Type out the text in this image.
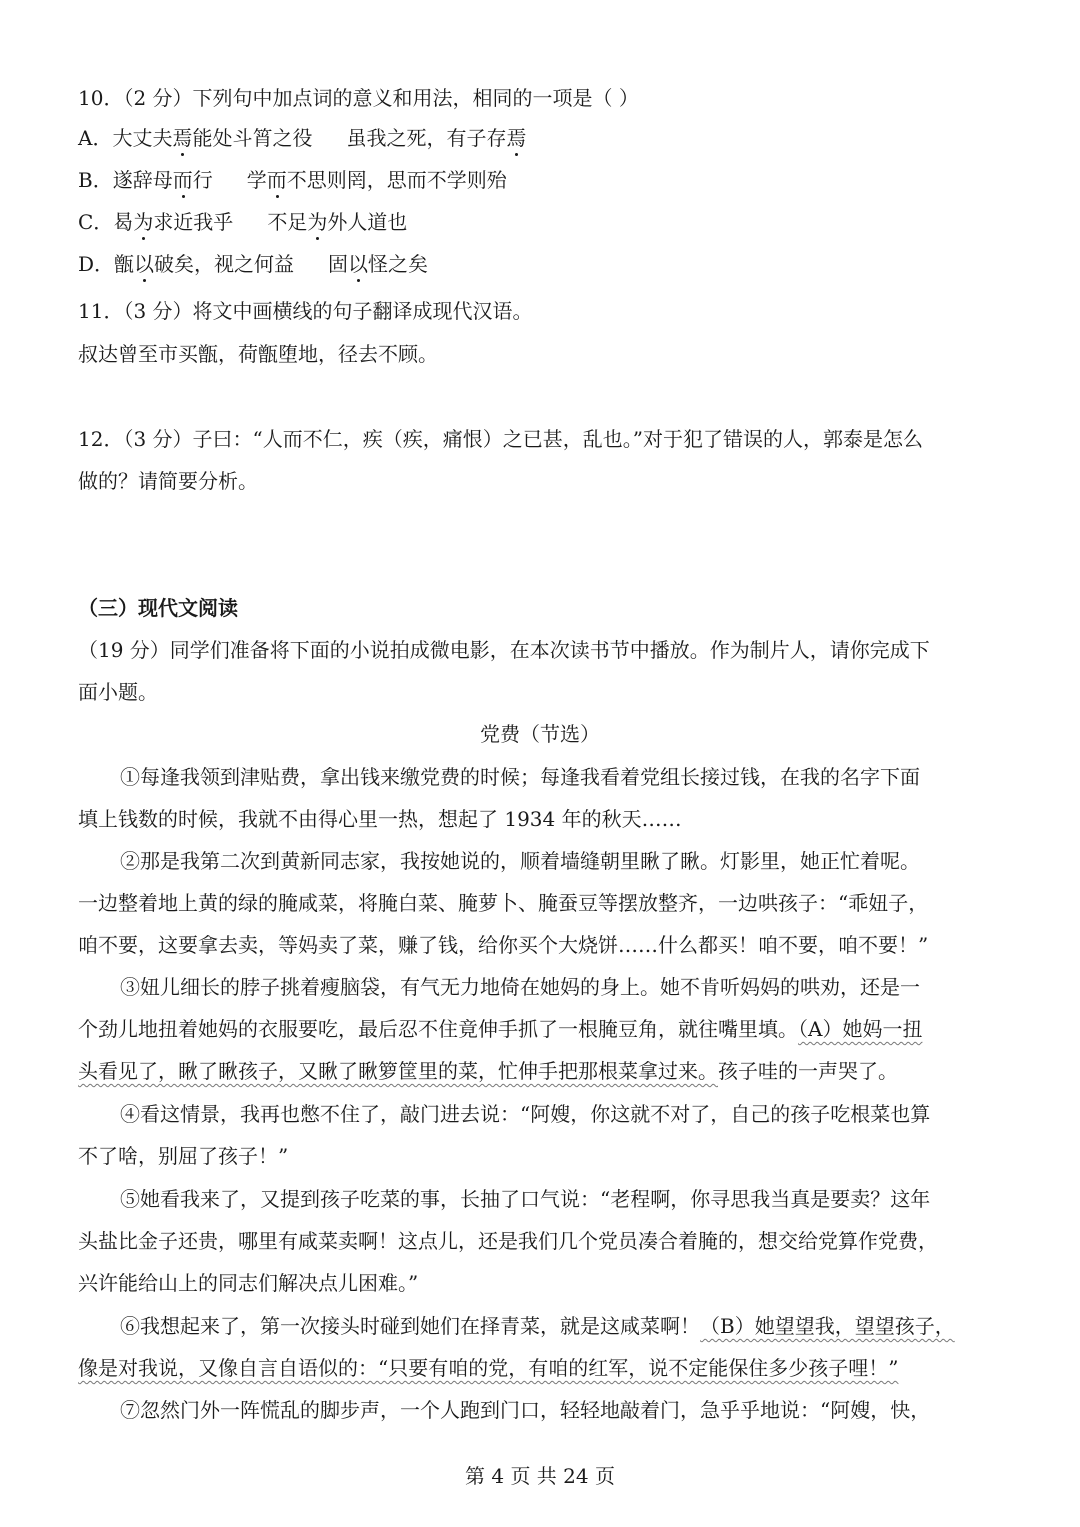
10．（2 分）下列句中加点词的意义和用法，相同的一项是（ ）
A．大丈夫焉能处斗筲之役 虽我之死，有子存焉
B．遂辞母而行 学而不思则罔，思而不学则殆
C．曷为求近我乎 不足为外人道也
D．甑以破矣，视之何益 固以怪之矣
11．（3 分）将文中画横线的句子翻译成现代汉语。
叔达曾至市买甑，荷甑堕地，径去不顾。
12．（3 分）子曰：“人而不仁，疾（疾，痛恨）之已甚，乱也。”对于犯了错误的人，郭泰是怎么
做的？请简要分析。
（三）现代文阅读
（19 分）同学们准备将下面的小说拍成微电影，在本次读书节中播放。作为制片人，请你完成下
面小题。
党费（节选）
①每逢我领到津贴费，拿出钱来缴党费的时候；每逢我看着党组长接过钱，在我的名字下面
填上钱数的时候，我就不由得心里一热，想起了 1934 年的秋天……
②那是我第二次到黄新同志家，我按她说的，顺着墙缝朝里瞅了瞅。灯影里，她正忙着呢。
一边整着地上黄的绿的腌咸菜，将腌白菜、腌萝卜、腌蚕豆等摆放整齐，一边哄孩子：“乖妞子，
咱不要，这要拿去卖，等妈卖了菜，赚了钱，给你买个大烧饼……什么都买！咱不要，咱不要！”
③妞儿细长的脖子挑着瘦脑袋，有气无力地倚在她妈的身上。她不肯听妈妈的哄劝，还是一
个劲儿地扭着她妈的衣服要吃，最后忍不住竟伸手抓了一根腌豆角，就往嘴里填。（A）她妈一扭
头看见了，瞅了瞅孩子，又瞅了瞅箩筐里的菜，忙伸手把那根菜拿过来。孩子哇的一声哭了。
④看这情景，我再也憋不住了，敲门进去说：“阿嫂，你这就不对了，自己的孩子吃根菜也算
不了啥，别屈了孩子！”
⑤她看我来了，又提到孩子吃菜的事，长抽了口气说：“老程啊，你寻思我当真是要卖？这年
头盐比金子还贵，哪里有咸菜卖啊！这点儿，还是我们几个党员凑合着腌的，想交给党算作党费，
兴许能给山上的同志们解决点儿困难。”
⑥我想起来了，第一次接头时碰到她们在择青菜，就是这咸菜啊！（B）她望望我，望望孩子，
像是对我说，又像自言自语似的：“只要有咱的党，有咱的红军，说不定能保住多少孩子哩！”
⑦忽然门外一阵慌乱的脚步声，一个人跑到门口，轻轻地敲着门，急乎乎地说：“阿嫂，快，
第 4 页 共 24 页
